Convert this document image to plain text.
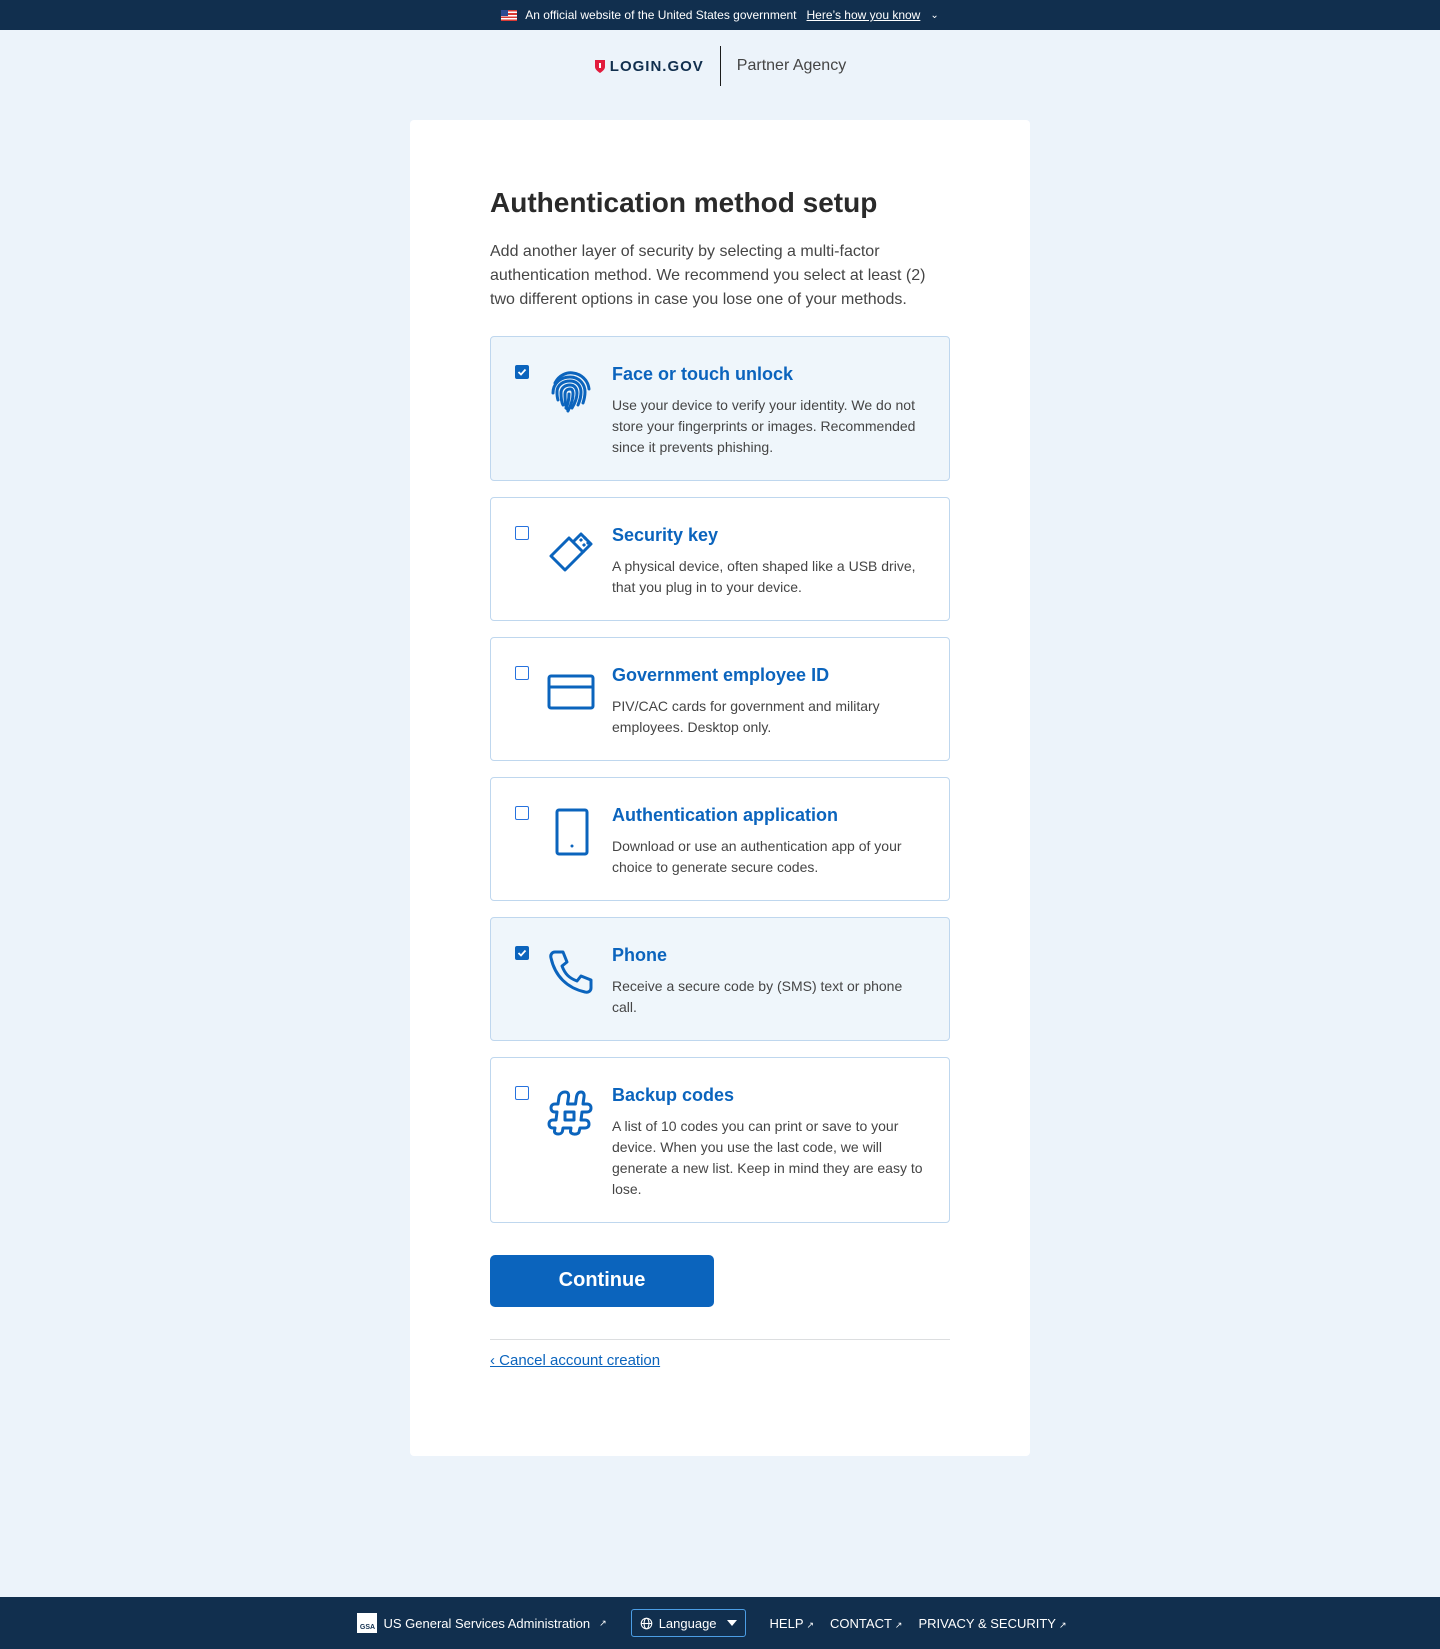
An official website of the United States government Here’s how you know ⌄
LOGIN.GOV Partner Agency
Authentication method setup

Add another layer of security by selecting a multi-factor authentication method. We recommend you select at least (2) two different options in case you lose one of your methods.

Face or touch unlock
Use your device to verify your identity. We do not store your fingerprints or images. Recommended since it prevents phishing.
Security key
A physical device, often shaped like a USB drive, that you plug in to your device.
Government employee ID
PIV/CAC cards for government and military employees. Desktop only.
Authentication application
Download or use an authentication app of your choice to generate secure codes.
Phone
Receive a secure code by (SMS) text or phone call.
Backup codes
A list of 10 codes you can print or save to your device. When you use the last code, we will generate a new list. Keep in mind they are easy to lose.
Continue
‹ Cancel account creation
GSA US General Services Administration ↗	Language	HELP ↗ CONTACT ↗ PRIVACY & SECURITY ↗
